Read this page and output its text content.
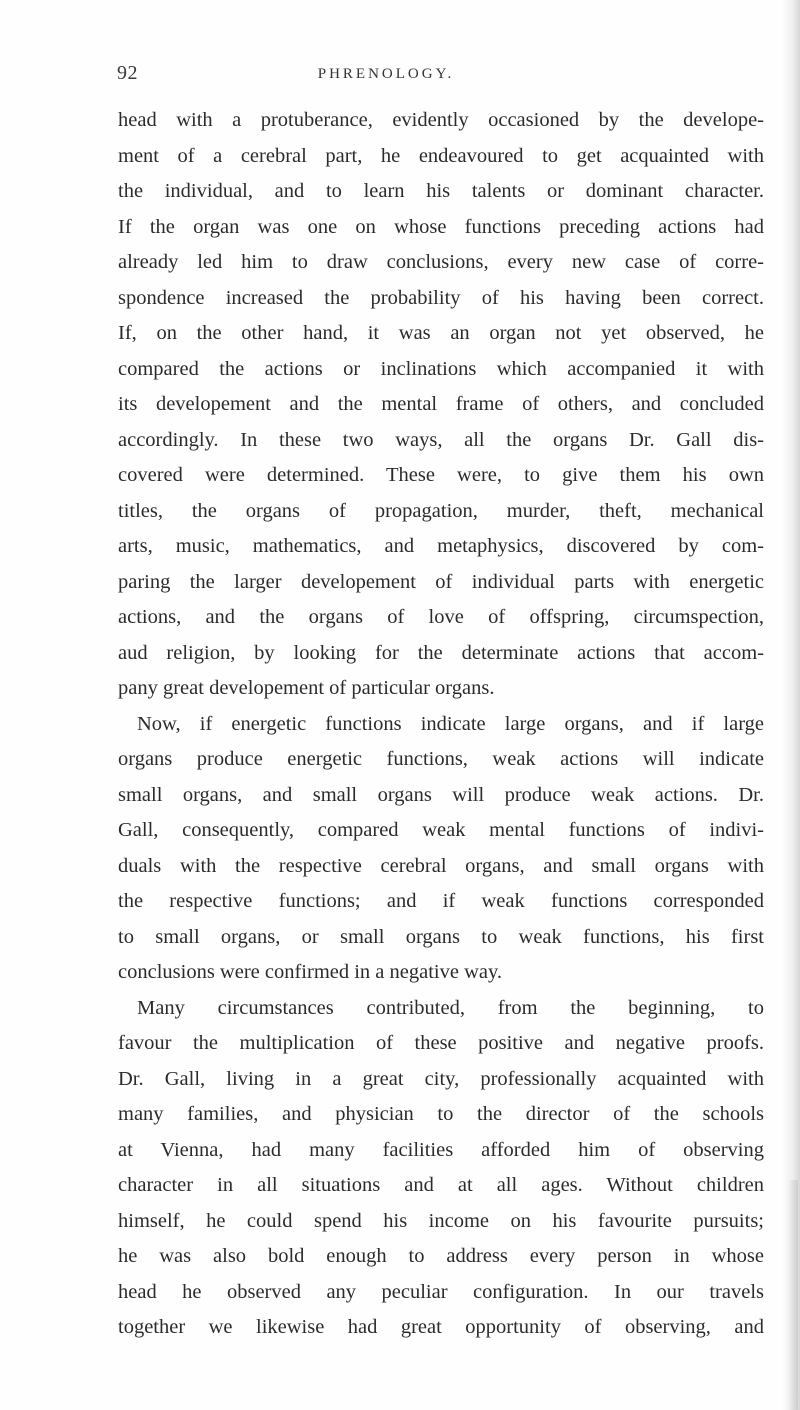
92	PHRENOLOGY.
head with a protuberance, evidently occasioned by the develope-
ment of a cerebral part, he endeavoured to get acquainted with
the individual, and to learn his talents or dominant character.
If the organ was one on whose functions preceding actions had
already led him to draw conclusions, every new case of corre-
spondence increased the probability of his having been correct.
If, on the other hand, it was an organ not yet observed, he
compared the actions or inclinations which accompanied it with
its developement and the mental frame of others, and concluded
accordingly. In these two ways, all the organs Dr. Gall dis-
covered were determined. These were, to give them his own
titles, the organs of propagation, murder, theft, mechanical
arts, music, mathematics, and metaphysics, discovered by com-
paring the larger developement of individual parts with energetic
actions, and the organs of love of offspring, circumspection,
aud religion, by looking for the determinate actions that accom-
pany great developement of particular organs.
Now, if energetic functions indicate large organs, and if large
organs produce energetic functions, weak actions will indicate
small organs, and small organs will produce weak actions. Dr.
Gall, consequently, compared weak mental functions of indivi-
duals with the respective cerebral organs, and small organs with
the respective functions; and if weak functions corresponded
to small organs, or small organs to weak functions, his first
conclusions were confirmed in a negative way.
Many circumstances contributed, from the beginning, to
favour the multiplication of these positive and negative proofs.
Dr. Gall, living in a great city, professionally acquainted with
many families, and physician to the director of the schools
at Vienna, had many facilities afforded him of observing
character in all situations and at all ages. Without children
himself, he could spend his income on his favourite pursuits;
he was also bold enough to address every person in whose
head he observed any peculiar configuration. In our travels
together we likewise had great opportunity of observing, and
